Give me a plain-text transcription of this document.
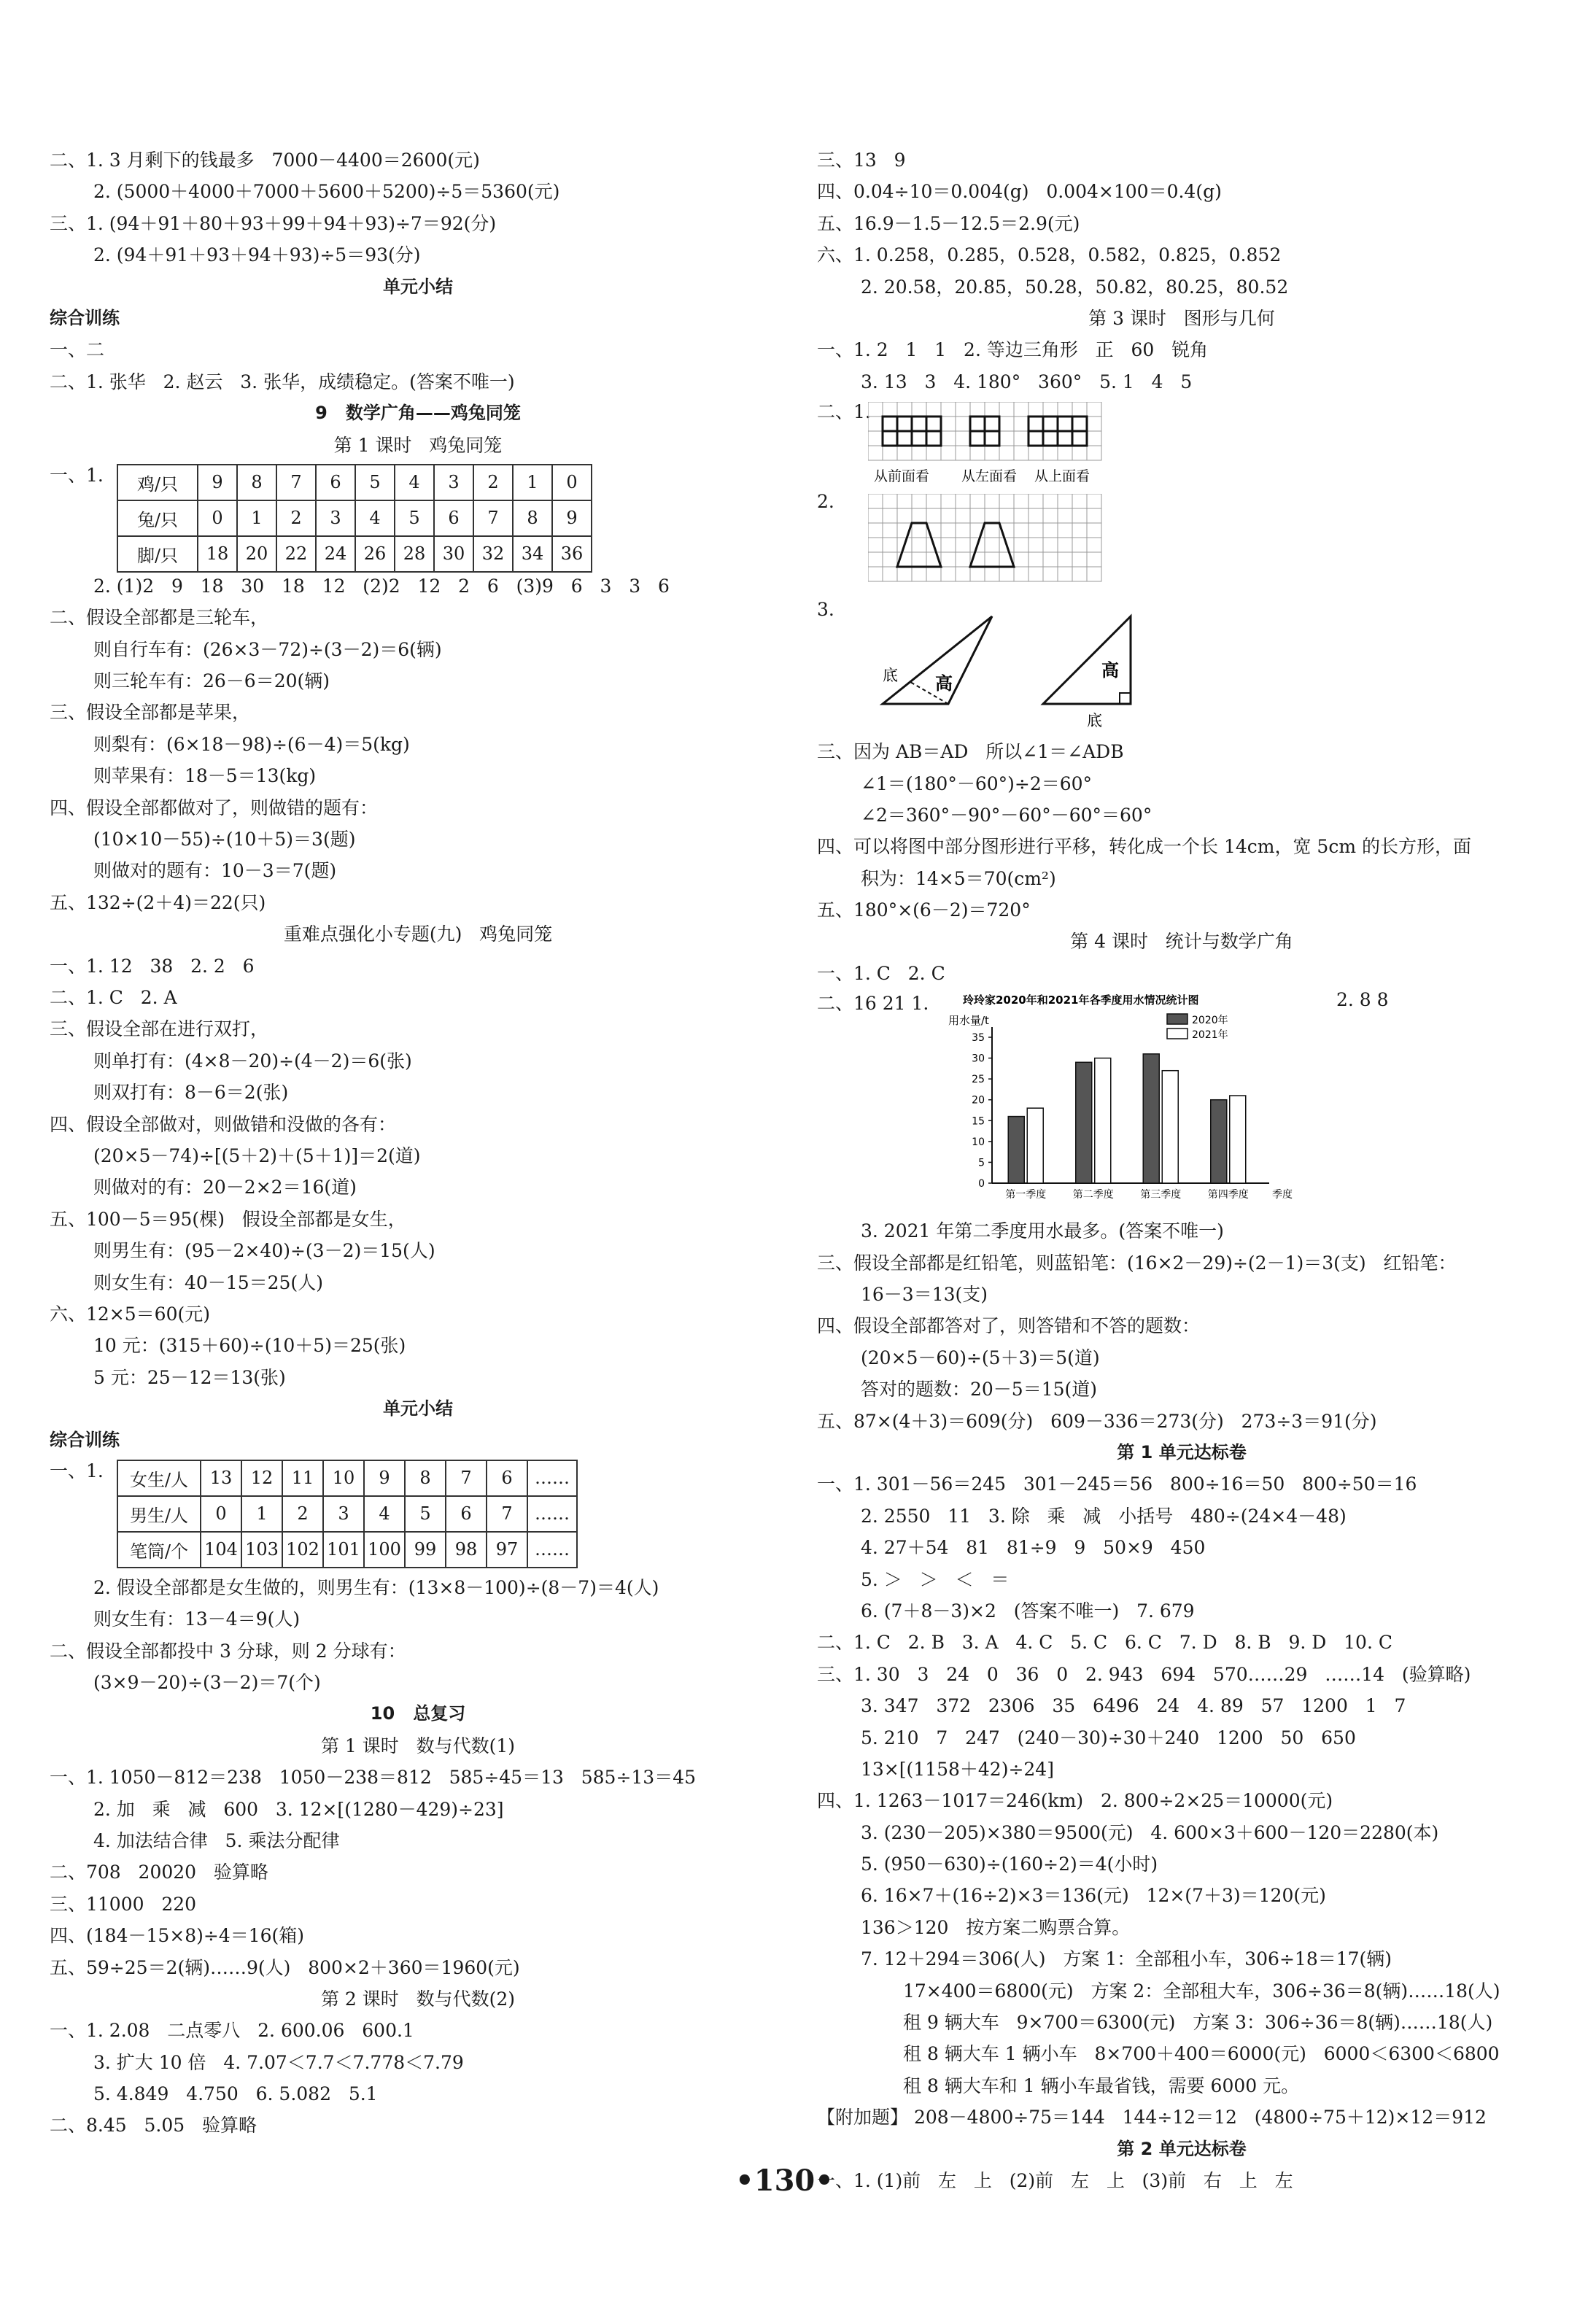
二、1. 3 月剩下的钱最多   7000－4400＝2600(元)
2. (5000＋4000＋7000＋5600＋5200)÷5＝5360(元)
三、1. (94＋91＋80＋93＋99＋94＋93)÷7＝92(分)
2. (94＋91＋93＋94＋93)÷5＝93(分)
单元小结
综合训练
一、二
二、1. 张华   2. 赵云   3. 张华，成绩稳定。(答案不唯一)
9   数学广角——鸡兔同笼
第 1 课时   鸡兔同笼
一、1. 鸡/只	9	8	7	6	5	4	3	2	1	0
兔/只	0	1	2	3	4	5	6	7	8	9
脚/只	18	20	22	24	26	28	30	32	34	36
2. (1)2   9   18   30   18   12   (2)2   12   2   6   (3)9   6   3   3   6
二、假设全部都是三轮车，
则自行车有：(26×3－72)÷(3－2)＝6(辆)
则三轮车有：26－6＝20(辆)
三、假设全部都是苹果，
则梨有：(6×18－98)÷(6－4)＝5(kg)
则苹果有：18－5＝13(kg)
四、假设全部都做对了，则做错的题有：
(10×10－55)÷(10＋5)＝3(题)
则做对的题有：10－3＝7(题)
五、132÷(2＋4)＝22(只)
重难点强化小专题(九)   鸡兔同笼
一、1. 12   38   2. 2   6
二、1. C   2. A
三、假设全部在进行双打，
则单打有：(4×8－20)÷(4－2)＝6(张)
则双打有：8－6＝2(张)
四、假设全部做对，则做错和没做的各有：
(20×5－74)÷[(5＋2)＋(5＋1)]＝2(道)
则做对的有：20－2×2＝16(道)
五、100－5＝95(棵)   假设全部都是女生，
则男生有：(95－2×40)÷(3－2)＝15(人)
则女生有：40－15＝25(人)
六、12×5＝60(元)
10 元：(315＋60)÷(10＋5)＝25(张)
5 元：25－12＝13(张)
单元小结
综合训练
一、1. 女生/人	13	12	11	10	9	8	7	6	……
男生/人	0	1	2	3	4	5	6	7	……
笔筒/个	104	103	102	101	100	99	98	97	……
2. 假设全部都是女生做的，则男生有：(13×8－100)÷(8－7)＝4(人)
则女生有：13－4＝9(人)
二、假设全部都投中 3 分球，则 2 分球有：
(3×9－20)÷(3－2)＝7(个)
10   总复习
第 1 课时   数与代数(1)
一、1. 1050－812＝238   1050－238＝812   585÷45＝13   585÷13＝45
2. 加   乘   减   600   3. 12×[(1280－429)÷23]
4. 加法结合律   5. 乘法分配律
二、708   20020   验算略
三、11000   220
四、(184－15×8)÷4＝16(箱)
五、59÷25＝2(辆)……9(人)   800×2＋360＝1960(元)
第 2 课时   数与代数(2)
一、1. 2.08   二点零八   2. 600.06   600.1
3. 扩大 10 倍   4. 7.07＜7.7＜7.778＜7.79
5. 4.849   4.750   6. 5.082   5.1
二、8.45   5.05   验算略
三、13   9
四、0.04÷10＝0.004(g)   0.004×100＝0.4(g)
五、16.9－1.5－12.5＝2.9(元)
六、1. 0.258，0.285，0.528，0.582，0.825，0.852
2. 20.58，20.85，50.28，50.82，80.25，80.52
第 3 课时   图形与几何
一、1. 2   1   1   2. 等边三角形   正   60   锐角
3. 13   3   4. 180°   360°   5. 1   4   5
二、1.
从前面看 从左面看 从上面看
2.
3.
底 高
高
底
三、因为 AB＝AD   所以∠1＝∠ADB
∠1＝(180°－60°)÷2＝60°
∠2＝360°－90°－60°－60°＝60°
四、可以将图中部分图形进行平移，转化成一个长 14cm，宽 5cm 的长方形，面
积为：14×5＝70(cm²)
五、180°×(6－2)＝720°
第 4 课时   统计与数学广角
一、1. C   2. C
二、16 21 1.	2. 8 8
玲玲家2020年和2021年各季度用水情况统计图
用水量/t
0
5
10
15
20
25
30
35
第一季度	第二季度	第三季度	第四季度 季度
2020年
2021年
3. 2021 年第二季度用水最多。(答案不唯一)
三、假设全部都是红铅笔，则蓝铅笔：(16×2－29)÷(2－1)＝3(支)   红铅笔：
16－3＝13(支)
四、假设全部都答对了，则答错和不答的题数：
(20×5－60)÷(5＋3)＝5(道)
答对的题数：20－5＝15(道)
五、87×(4＋3)＝609(分)   609－336＝273(分)   273÷3＝91(分)
第 1 单元达标卷
一、1. 301－56＝245   301－245＝56   800÷16＝50   800÷50＝16
2. 2550   11   3. 除   乘   减   小括号   480÷(24×4－48)
4. 27＋54   81   81÷9   9   50×9   450
5. ＞   ＞   ＜   ＝
6. (7＋8－3)×2   (答案不唯一)   7. 679
二、1. C   2. B   3. A   4. C   5. C   6. C   7. D   8. B   9. D   10. C
三、1. 30   3   24   0   36   0   2. 943   694   570……29   ……14   (验算略)
3. 347   372   2306   35   6496   24   4. 89   57   1200   1   7
5. 210   7   247   (240－30)÷30＋240   1200   50   650
13×[(1158＋42)÷24]
四、1. 1263－1017＝246(km)   2. 800÷2×25＝10000(元)
3. (230－205)×380＝9500(元)   4. 600×3＋600－120＝2280(本)
5. (950－630)÷(160÷2)＝4(小时)
6. 16×7＋(16÷2)×3＝136(元)   12×(7＋3)＝120(元)
136＞120   按方案二购票合算。
7. 12＋294＝306(人)   方案 1：全部租小车，306÷18＝17(辆)
17×400＝6800(元)   方案 2：全部租大车，306÷36＝8(辆)……18(人)
租 9 辆大车   9×700＝6300(元)   方案 3：306÷36＝8(辆)……18(人)
租 8 辆大车 1 辆小车   8×700＋400＝6000(元)   6000＜6300＜6800
租 8 辆大车和 1 辆小车最省钱，需要 6000 元。
【附加题】 208－4800÷75＝144   144÷12＝12   (4800÷75＋12)×12＝912
第 2 单元达标卷
一、1. (1)前   左   上   (2)前   左   上   (3)前   右   上   左
•130•
